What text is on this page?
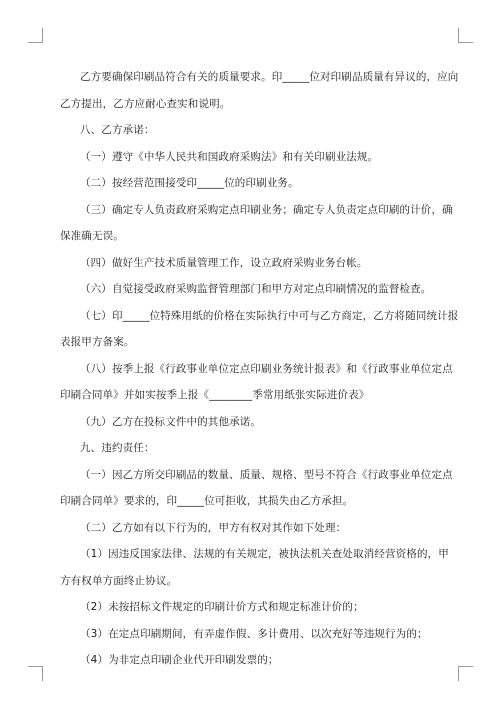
乙方要确保印刷品符合有关的质量要求。印_____位对印刷品质量有异议的，应向
乙方提出，乙方应耐心查实和说明。
八、乙方承诺：
（一）遵守《中华人民共和国政府采购法》和有关印刷业法规。
（二）按经营范围接受印_____位的印刷业务。
（三）确定专人负责政府采购定点印刷业务；确定专人负责定点印刷的计价，确
保准确无误。
（四）做好生产技术质量管理工作，设立政府采购业务台帐。
（六）自觉接受政府采购监督管理部门和甲方对定点印刷情况的监督检查。
（七）印_____位特殊用纸的价格在实际执行中可与乙方商定，乙方将随同统计报
表报甲方备案。
（八）按季上报《行政事业单位定点印刷业务统计报表》和《行政事业单位定点
印刷合同单》并如实按季上报《________季常用纸张实际进价表》
（九）乙方在投标文件中的其他承诺。
九、违约责任：
（一）因乙方所交印刷品的数量、质量、规格、型号不符合《行政事业单位定点
印刷合同单》要求的，印_____位可拒收，其损失由乙方承担。
（二）乙方如有以下行为的，甲方有权对其作如下处理：
（1）因违反国家法律、法规的有关规定，被执法机关查处取消经营资格的，甲
方有权单方面终止协议。
（2）未按招标文件规定的印刷计价方式和规定标准计价的；
（3）在定点印刷期间，有弄虚作假、多计费用、以次充好等违规行为的；
（4）为非定点印刷企业代开印刷发票的；
